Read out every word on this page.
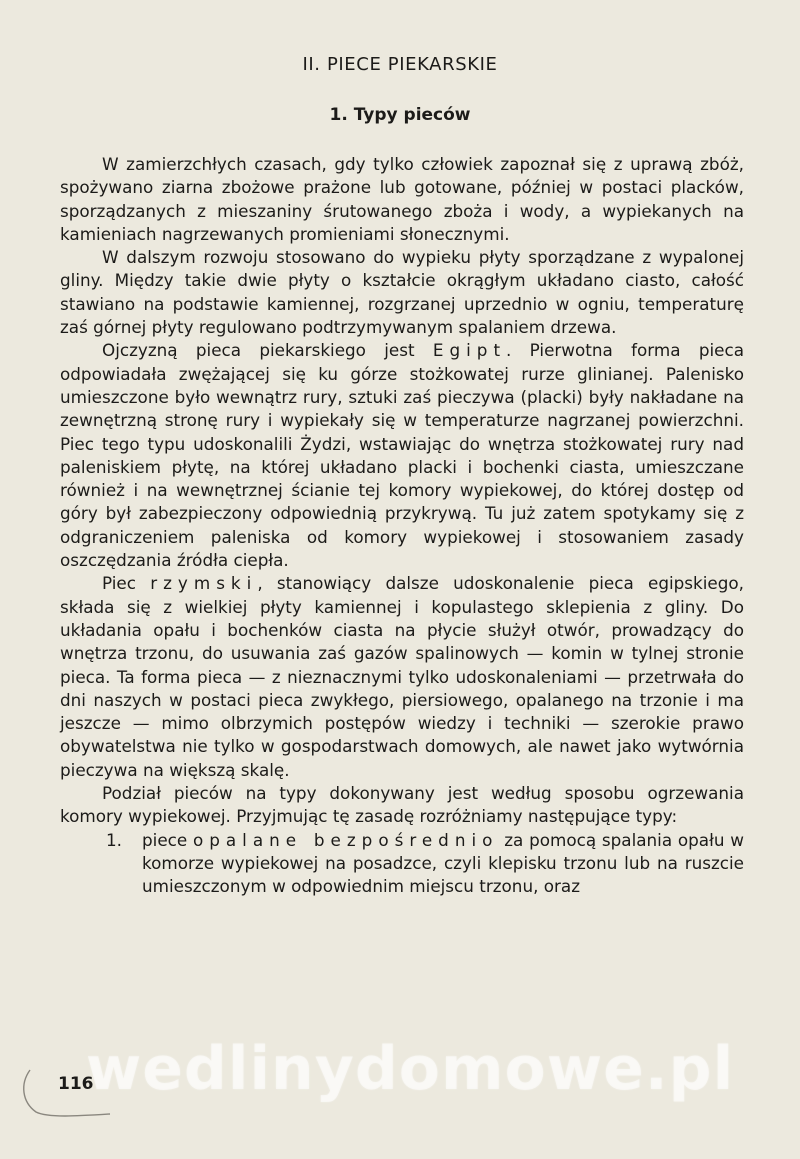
II. PIECE PIEKARSKIE
1. Typy pieców

W zamierzchłych czasach, gdy tylko człowiek zapoznał się z uprawą zbóż, spożywano ziarna zbożowe prażone lub gotowane, później w postaci placków, sporządzanych z mieszaniny śrutowanego zboża i wody, a wypiekanych na kamieniach nagrzewanych promieniami słonecznymi.

W dalszym rozwoju stosowano do wypieku płyty sporządzane z wypalonej gliny. Między takie dwie płyty o kształcie okrągłym układano ciasto, całość stawiano na podstawie kamiennej, rozgrzanej uprzednio w ogniu, temperaturę zaś górnej płyty regulowano podtrzymywanym spalaniem drzewa.

Ojczyzną pieca piekarskiego jest Egipt. Pierwotna forma pieca odpowiadała zwężającej się ku górze stożkowatej rurze glinianej. Palenisko umieszczone było wewnątrz rury, sztuki zaś pieczywa (placki) były nakładane na zewnętrzną stronę rury i wypiekały się w temperaturze nagrzanej powierzchni. Piec tego typu udoskonalili Żydzi, wstawiając do wnętrza stożkowatej rury nad paleniskiem płytę, na której układano placki i bochenki ciasta, umieszczane również i na wewnętrznej ścianie tej komory wypiekowej, do której dostęp od góry był zabezpieczony odpowiednią przykrywą. Tu już zatem spotykamy się z odgraniczeniem paleniska od komory wypiekowej i stosowaniem zasady oszczędzania źródła ciepła.

Piec rzymski, stanowiący dalsze udoskonalenie pieca egipskiego, składa się z wielkiej płyty kamiennej i kopulastego sklepienia z gliny. Do układania opału i bochenków ciasta na płycie służył otwór, prowadzący do wnętrza trzonu, do usuwania zaś gazów spalinowych — komin w tylnej stronie pieca. Ta forma pieca — z nieznacznymi tylko udoskonaleniami — przetrwała do dni naszych w postaci pieca zwykłego, piersiowego, opalanego na trzonie i ma jeszcze — mimo olbrzymich postępów wiedzy i techniki — szerokie prawo obywatelstwa nie tylko w gospodarstwach domowych, ale nawet jako wytwórnia pieczywa na większą skalę.

Podział pieców na typy dokonywany jest według sposobu ogrzewania komory wypiekowej. Przyjmując tę zasadę rozróżniamy następujące typy:

1. piece opalane bezpośrednio za pomocą spalania opału w komorze wypiekowej na posadzce, czyli klepisku trzonu lub na ruszcie umieszczonym w odpowiednim miejscu trzonu, oraz

116
wedlinydomowe.pl
